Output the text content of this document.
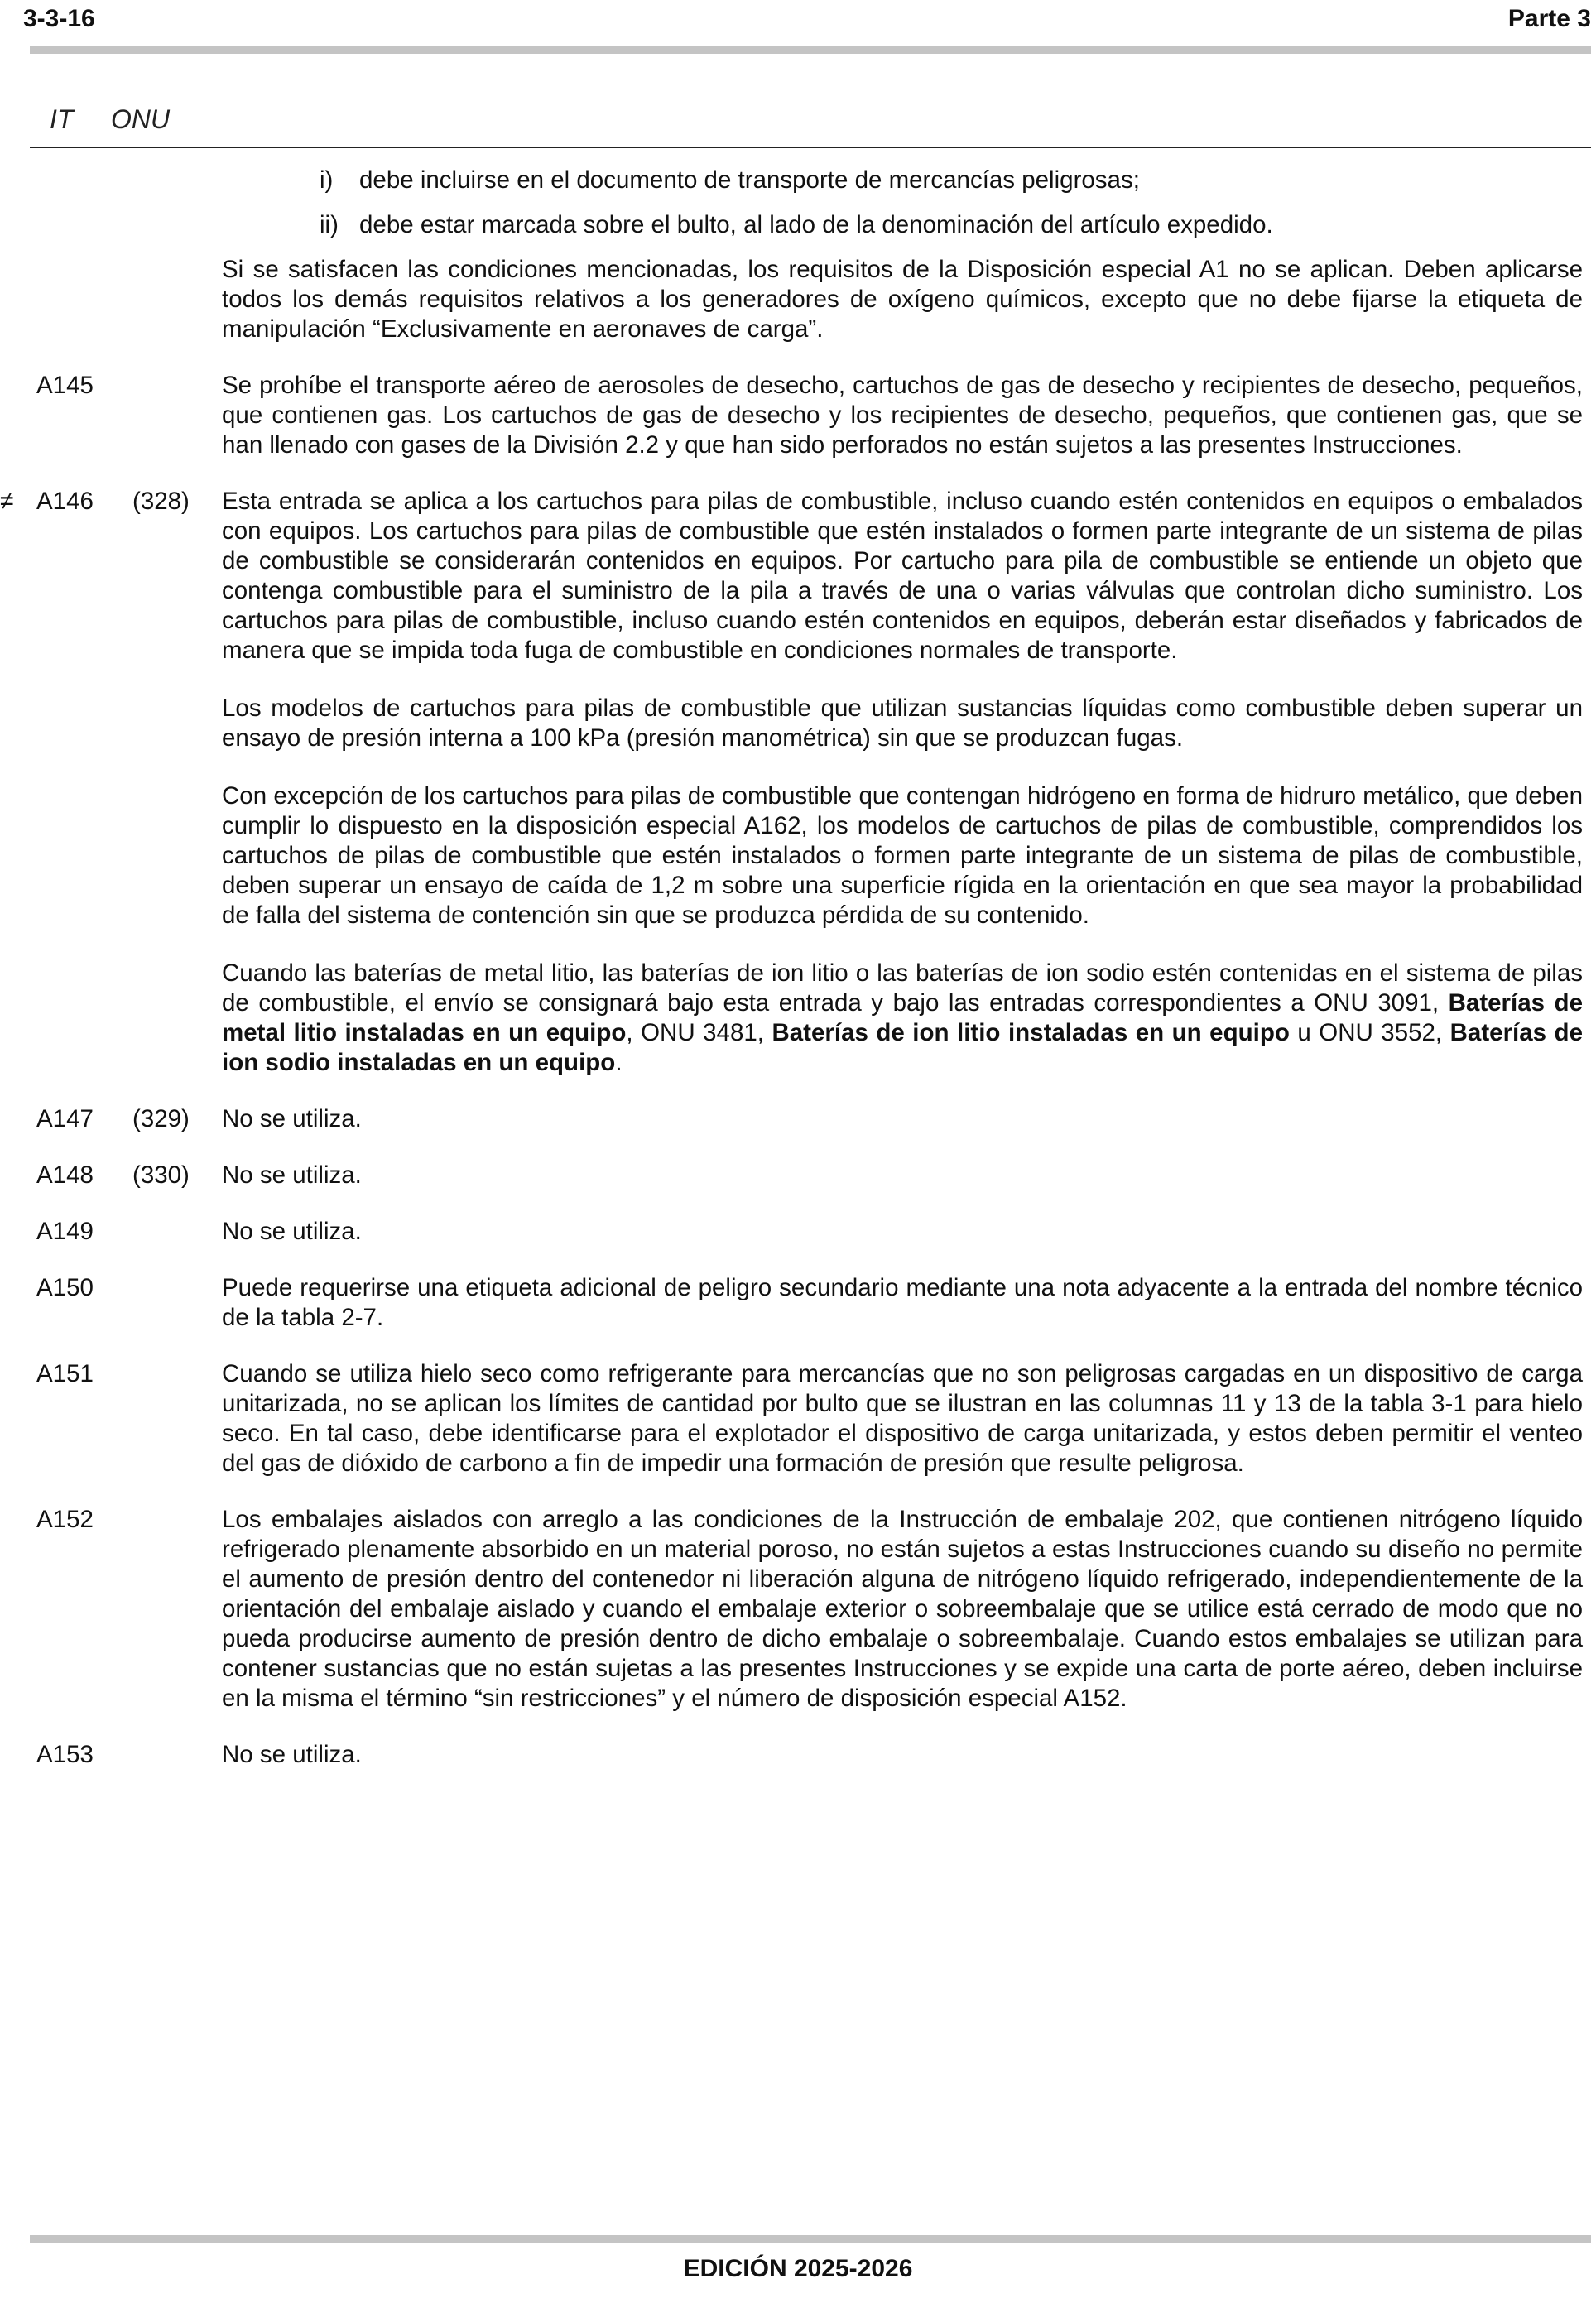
3-3-16	Parte 3
IT ONU
i) debe incluirse en el documento de transporte de mercancías peligrosas;
ii) debe estar marcada sobre el bulto, al lado de la denominación del artículo expedido.
Si se satisfacen las condiciones mencionadas, los requisitos de la Disposición especial A1 no se aplican. Deben aplicarse todos los demás requisitos relativos a los generadores de oxígeno químicos, excepto que no debe fijarse la etiqueta de manipulación “Exclusivamente en aeronaves de carga”.
A145	Se prohíbe el transporte aéreo de aerosoles de desecho, cartuchos de gas de desecho y recipientes de desecho, pequeños, que contienen gas. Los cartuchos de gas de desecho y los recipientes de desecho, pequeños, que contienen gas, que se han llenado con gases de la División 2.2 y que han sido perforados no están sujetos a las presentes Instrucciones.
≠ A146 (328) Esta entrada se aplica a los cartuchos para pilas de combustible, incluso cuando estén contenidos en equipos o embalados con equipos. Los cartuchos para pilas de combustible que estén instalados o formen parte integrante de un sistema de pilas de combustible se considerarán contenidos en equipos. Por cartucho para pila de combustible se entiende un objeto que contenga combustible para el suministro de la pila a través de una o varias válvulas que controlan dicho suministro. Los cartuchos para pilas de combustible, incluso cuando estén contenidos en equipos, deberán estar diseñados y fabricados de manera que se impida toda fuga de combustible en condiciones normales de transporte.
Los modelos de cartuchos para pilas de combustible que utilizan sustancias líquidas como combustible deben superar un ensayo de presión interna a 100 kPa (presión manométrica) sin que se produzcan fugas.
Con excepción de los cartuchos para pilas de combustible que contengan hidrógeno en forma de hidruro metálico, que deben cumplir lo dispuesto en la disposición especial A162, los modelos de cartuchos de pilas de combustible, comprendidos los cartuchos de pilas de combustible que estén instalados o formen parte integrante de un sistema de pilas de combustible, deben superar un ensayo de caída de 1,2 m sobre una superficie rígida en la orientación en que sea mayor la probabilidad de falla del sistema de contención sin que se produzca pérdida de su contenido.
Cuando las baterías de metal litio, las baterías de ion litio o las baterías de ion sodio estén contenidas en el sistema de pilas de combustible, el envío se consignará bajo esta entrada y bajo las entradas correspondientes a ONU 3091, Baterías de metal litio instaladas en un equipo, ONU 3481, Baterías de ion litio instaladas en un equipo u ONU 3552, Baterías de ion sodio instaladas en un equipo.
A147 (329) No se utiliza.
A148 (330) No se utiliza.
A149	No se utiliza.
A150	Puede requerirse una etiqueta adicional de peligro secundario mediante una nota adyacente a la entrada del nombre técnico de la tabla 2-7.
A151	Cuando se utiliza hielo seco como refrigerante para mercancías que no son peligrosas cargadas en un dispositivo de carga unitarizada, no se aplican los límites de cantidad por bulto que se ilustran en las columnas 11 y 13 de la tabla 3-1 para hielo seco. En tal caso, debe identificarse para el explotador el dispositivo de carga unitarizada, y estos deben permitir el venteo del gas de dióxido de carbono a fin de impedir una formación de presión que resulte peligrosa.
A152	Los embalajes aislados con arreglo a las condiciones de la Instrucción de embalaje 202, que contienen nitrógeno líquido refrigerado plenamente absorbido en un material poroso, no están sujetos a estas Instrucciones cuando su diseño no permite el aumento de presión dentro del contenedor ni liberación alguna de nitrógeno líquido refrigerado, independientemente de la orientación del embalaje aislado y cuando el embalaje exterior o sobreembalaje que se utilice está cerrado de modo que no pueda producirse aumento de presión dentro de dicho embalaje o sobreembalaje. Cuando estos embalajes se utilizan para contener sustancias que no están sujetas a las presentes Instrucciones y se expide una carta de porte aéreo, deben incluirse en la misma el término “sin restricciones” y el número de disposición especial A152.
A153	No se utiliza.
EDICIÓN 2025-2026
